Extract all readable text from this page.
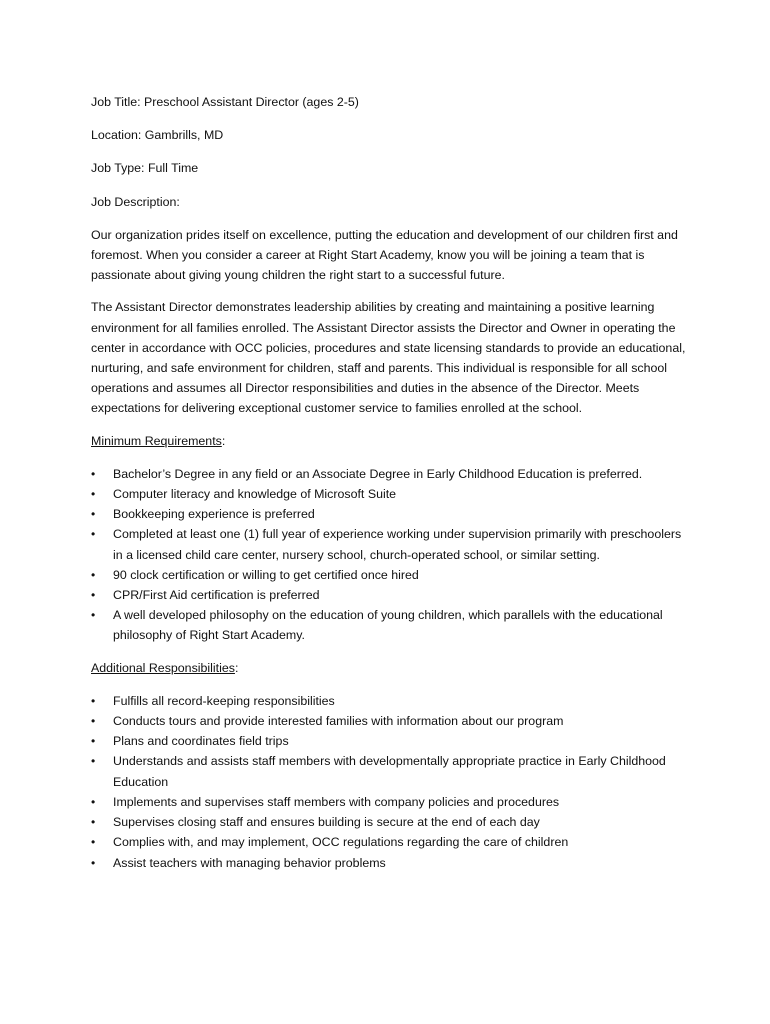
Job Title: Preschool Assistant Director (ages 2-5)
Location: Gambrills, MD
Job Type: Full Time
Job Description:

Our organization prides itself on excellence, putting the education and development of our children first and foremost. When you consider a career at Right Start Academy, know you will be joining a team that is passionate about giving young children the right start to a successful future.

The Assistant Director demonstrates leadership abilities by creating and maintaining a positive learning environment for all families enrolled. The Assistant Director assists the Director and Owner in operating the center in accordance with OCC policies, procedures and state licensing standards to provide an educational, nurturing, and safe environment for children, staff and parents. This individual is responsible for all school operations and assumes all Director responsibilities and duties in the absence of the Director. Meets expectations for delivering exceptional customer service to families enrolled at the school.

Minimum Requirements:
•	Bachelor’s Degree in any field or an Associate Degree in Early Childhood Education is preferred.
•	Computer literacy and knowledge of Microsoft Suite
•	Bookkeeping experience is preferred
•	Completed at least one (1) full year of experience working under supervision primarily with preschoolers in a licensed child care center, nursery school, church-operated school, or similar setting.
•	90 clock certification or willing to get certified once hired
•	CPR/First Aid certification is preferred
•	A well developed philosophy on the education of young children, which parallels with the educational philosophy of Right Start Academy.
Additional Responsibilities:
•	Fulfills all record-keeping responsibilities
•	Conducts tours and provide interested families with information about our program
•	Plans and coordinates field trips
•	Understands and assists staff members with developmentally appropriate practice in Early Childhood Education
•	Implements and supervises staff members with company policies and procedures
•	Supervises closing staff and ensures building is secure at the end of each day
•	Complies with, and may implement, OCC regulations regarding the care of children
•	Assist teachers with managing behavior problems
